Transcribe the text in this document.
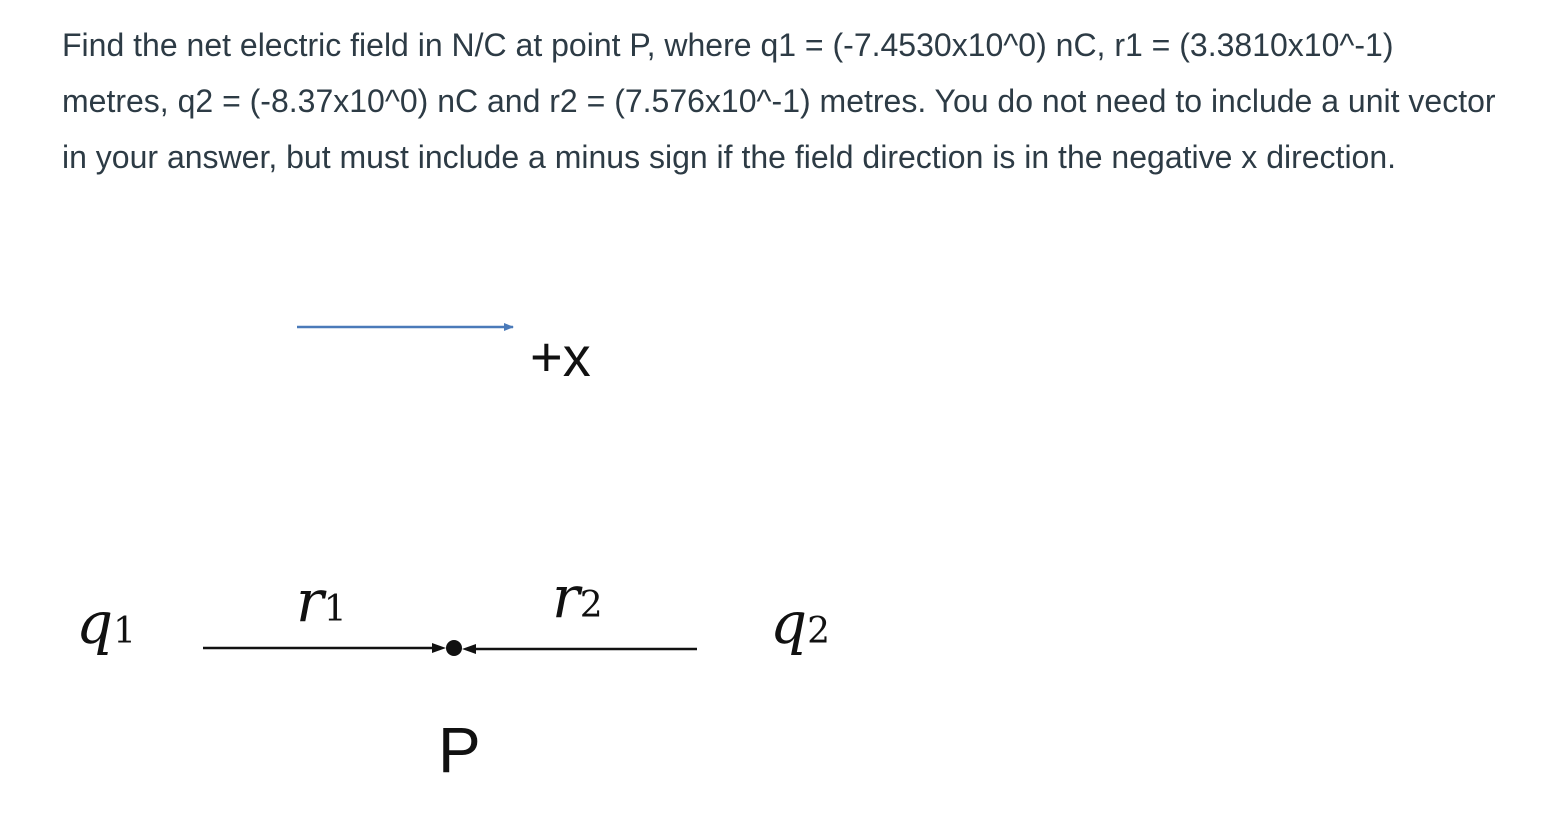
Find the net electric field in N/C at point P, where q1 = (-7.4530x10^0) nC, r1 = (3.3810x10^-1) metres, q2 = (-8.37x10^0) nC and r2 = (7.576x10^-1) metres. You do not need to include a unit vector in your answer, but must include a minus sign if the field direction is in the negative x direction.

+x
q1	r1	r2	q2
P
